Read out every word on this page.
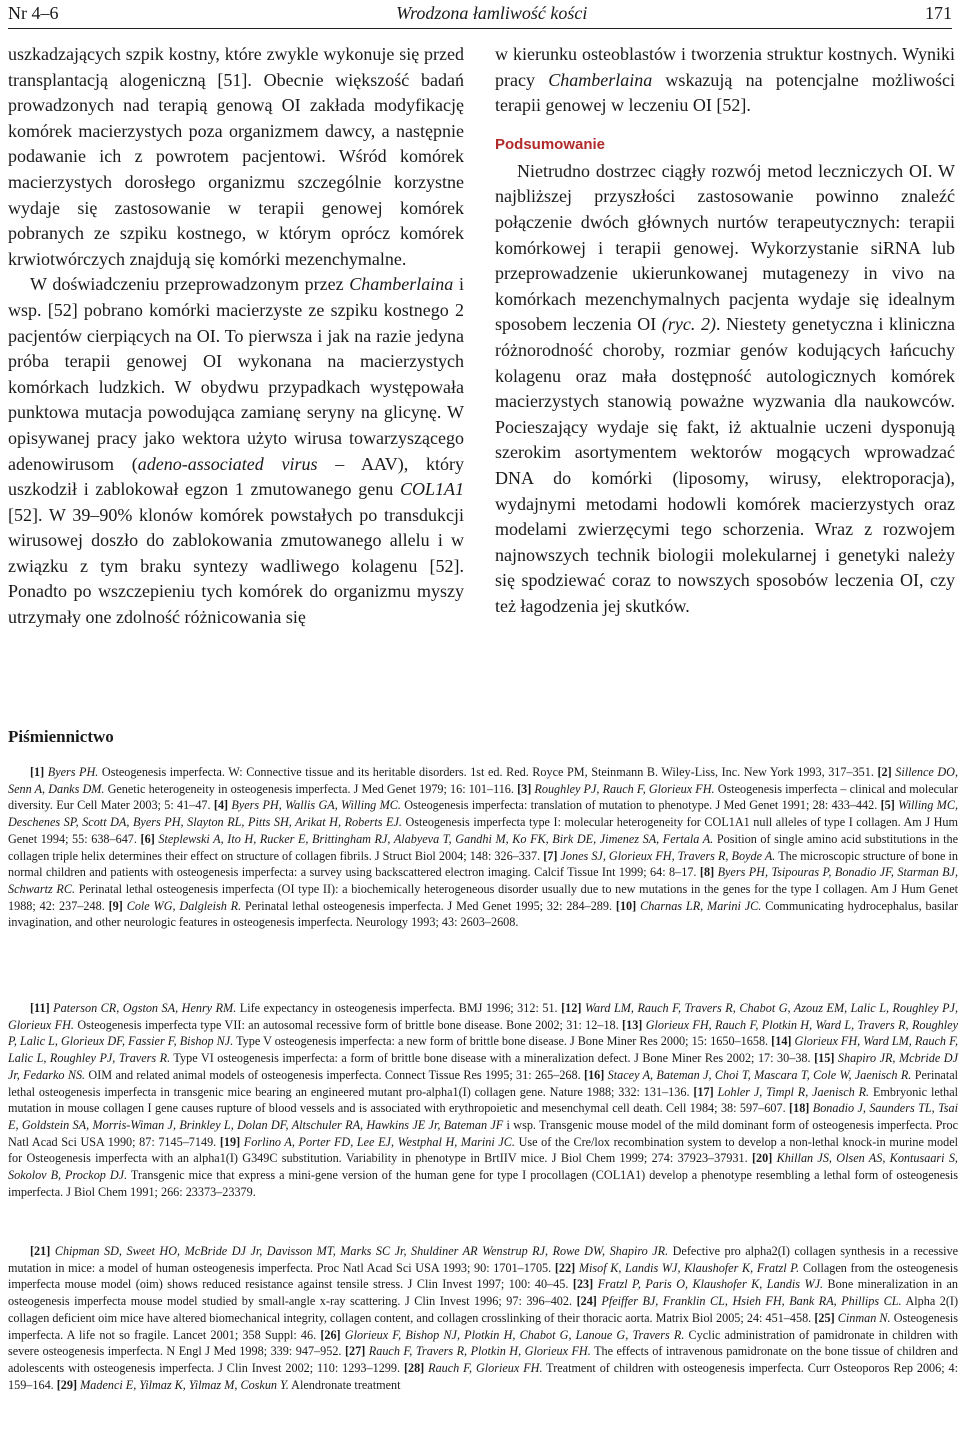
Nr 4–6	Wrodzona łamliwość kości	171

uszkadzających szpik kostny, które zwykle wykonuje się przed transplantacją alogeniczną [51]. Obecnie większość badań prowadzonych nad terapią genową OI zakłada modyfikację komórek macierzystych poza organizmem dawcy, a następnie podawanie ich z powrotem pacjentowi. Wśród komórek macierzystych dorosłego organizmu szczególnie korzystne wydaje się zastosowanie w terapii genowej komórek pobranych ze szpiku kostnego, w którym oprócz komórek krwiotwórczych znajdują się komórki mezenchymalne.

W doświadczeniu przeprowadzonym przez Chamberlaina i wsp. [52] pobrano komórki macierzyste ze szpiku kostnego 2 pacjentów cierpiących na OI. To pierwsza i jak na razie jedyna próba terapii genowej OI wykonana na macierzystych komórkach ludzkich. W obydwu przypadkach występowała punktowa mutacja powodująca zamianę seryny na glicynę. W opisywanej pracy jako wektora użyto wirusa towarzyszącego adenowirusom (adeno-associated virus – AAV), który uszkodził i zablokował egzon 1 zmutowanego genu COL1A1 [52]. W 39–90% klonów komórek powstałych po transdukcji wirusowej doszło do zablokowania zmutowanego allelu i w związku z tym braku syntezy wadliwego kolagenu [52]. Ponadto po wszczepieniu tych komórek do organizmu myszy utrzymały one zdolność różnicowania się

w kierunku osteoblastów i tworzenia struktur kostnych. Wyniki pracy Chamberlaina wskazują na potencjalne możliwości terapii genowej w leczeniu OI [52].

Podsumowanie

Nietrudno dostrzec ciągły rozwój metod leczniczych OI. W najbliższej przyszłości zastosowanie powinno znaleźć połączenie dwóch głównych nurtów terapeutycznych: terapii komórkowej i terapii genowej. Wykorzystanie siRNA lub przeprowadzenie ukierunkowanej mutagenezy in vivo na komórkach mezenchymalnych pacjenta wydaje się idealnym sposobem leczenia OI (ryc. 2). Niestety genetyczna i kliniczna różnorodność choroby, rozmiar genów kodujących łańcuchy kolagenu oraz mała dostępność autologicznych komórek macierzystych stanowią poważne wyzwania dla naukowców. Pocieszający wydaje się fakt, iż aktualnie uczeni dysponują szerokim asortymentem wektorów mogących wprowadzać DNA do komórki (liposomy, wirusy, elektroporacja), wydajnymi metodami hodowli komórek macierzystych oraz modelami zwierzęcymi tego schorzenia. Wraz z rozwojem najnowszych technik biologii molekularnej i genetyki należy się spodziewać coraz to nowszych sposobów leczenia OI, czy też łagodzenia jej skutków.

Piśmiennictwo

[1] Byers PH. Osteogenesis imperfecta. W: Connective tissue and its heritable disorders. 1st ed. Red. Royce PM, Steinmann B. Wiley-Liss, Inc. New York 1993, 317–351. [2] Sillence DO, Senn A, Danks DM. Genetic heterogeneity in osteogenesis imperfecta. J Med Genet 1979; 16: 101–116. [3] Roughley PJ, Rauch F, Glorieux FH. Osteogenesis imperfecta – clinical and molecular diversity. Eur Cell Mater 2003; 5: 41–47. [4] Byers PH, Wallis GA, Willing MC. Osteogenesis imperfecta: translation of mutation to phenotype. J Med Genet 1991; 28: 433–442. [5] Willing MC, Deschenes SP, Scott DA, Byers PH, Slayton RL, Pitts SH, Arikat H, Roberts EJ. Osteogenesis imperfecta type I: molecular heterogeneity for COL1A1 null alleles of type I collagen. Am J Hum Genet 1994; 55: 638–647. [6] Steplewski A, Ito H, Rucker E, Brittingham RJ, Alabyeva T, Gandhi M, Ko FK, Birk DE, Jimenez SA, Fertala A. Position of single amino acid substitutions in the collagen triple helix determines their effect on structure of collagen fibrils. J Struct Biol 2004; 148: 326–337. [7] Jones SJ, Glorieux FH, Travers R, Boyde A. The microscopic structure of bone in normal children and patients with osteogenesis imperfecta: a survey using backscattered electron imaging. Calcif Tissue Int 1999; 64: 8–17. [8] Byers PH, Tsipouras P, Bonadio JF, Starman BJ, Schwartz RC. Perinatal lethal osteogenesis imperfecta (OI type II): a biochemically heterogeneous disorder usually due to new mutations in the genes for the type I collagen. Am J Hum Genet 1988; 42: 237–248. [9] Cole WG, Dalgleish R. Perinatal lethal osteogenesis imperfecta. J Med Genet 1995; 32: 284–289. [10] Charnas LR, Marini JC. Communicating hydrocephalus, basilar invagination, and other neurologic features in osteogenesis imperfecta. Neurology 1993; 43: 2603–2608.

[11] Paterson CR, Ogston SA, Henry RM. Life expectancy in osteogenesis imperfecta. BMJ 1996; 312: 51. [12] Ward LM, Rauch F, Travers R, Chabot G, Azouz EM, Lalic L, Roughley PJ, Glorieux FH. Osteogenesis imperfecta type VII: an autosomal recessive form of brittle bone disease. Bone 2002; 31: 12–18. [13] Glorieux FH, Rauch F, Plotkin H, Ward L, Travers R, Roughley P, Lalic L, Glorieux DF, Fassier F, Bishop NJ. Type V osteogenesis imperfecta: a new form of brittle bone disease. J Bone Miner Res 2000; 15: 1650–1658. [14] Glorieux FH, Ward LM, Rauch F, Lalic L, Roughley PJ, Travers R. Type VI osteogenesis imperfecta: a form of brittle bone disease with a mineralization defect. J Bone Miner Res 2002; 17: 30–38. [15] Shapiro JR, Mcbride DJ Jr, Fedarko NS. OIM and related animal models of osteogenesis imperfecta. Connect Tissue Res 1995; 31: 265–268. [16] Stacey A, Bateman J, Choi T, Mascara T, Cole W, Jaenisch R. Perinatal lethal osteogenesis imperfecta in transgenic mice bearing an engineered mutant pro-alpha1(I) collagen gene. Nature 1988; 332: 131–136. [17] Lohler J, Timpl R, Jaenisch R. Embryonic lethal mutation in mouse collagen I gene causes rupture of blood vessels and is associated with erythropoietic and mesenchymal cell death. Cell 1984; 38: 597–607. [18] Bonadio J, Saunders TL, Tsai E, Goldstein SA, Morris-Wiman J, Brinkley L, Dolan DF, Altschuler RA, Hawkins JE Jr, Bateman JF i wsp. Transgenic mouse model of the mild dominant form of osteogenesis imperfecta. Proc Natl Acad Sci USA 1990; 87: 7145–7149. [19] Forlino A, Porter FD, Lee EJ, Westphal H, Marini JC. Use of the Cre/lox recombination system to develop a non-lethal knock-in murine model for Osteogenesis imperfecta with an alpha1(I) G349C substitution. Variability in phenotype in BrtIIV mice. J Biol Chem 1999; 274: 37923–37931. [20] Khillan JS, Olsen AS, Kontusaari S, Sokolov B, Prockop DJ. Transgenic mice that express a mini-gene version of the human gene for type I procollagen (COL1A1) develop a phenotype resembling a lethal form of osteogenesis imperfecta. J Biol Chem 1991; 266: 23373–23379.

[21] Chipman SD, Sweet HO, McBride DJ Jr, Davisson MT, Marks SC Jr, Shuldiner AR Wenstrup RJ, Rowe DW, Shapiro JR. Defective pro alpha2(I) collagen synthesis in a recessive mutation in mice: a model of human osteogenesis imperfecta. Proc Natl Acad Sci USA 1993; 90: 1701–1705. [22] Misof K, Landis WJ, Klaushofer K, Fratzl P. Collagen from the osteogenesis imperfecta mouse model (oim) shows reduced resistance against tensile stress. J Clin Invest 1997; 100: 40–45. [23] Fratzl P, Paris O, Klaushofer K, Landis WJ. Bone mineralization in an osteogenesis imperfecta mouse model studied by small-angle x-ray scattering. J Clin Invest 1996; 97: 396–402. [24] Pfeiffer BJ, Franklin CL, Hsieh FH, Bank RA, Phillips CL. Alpha 2(I) collagen deficient oim mice have altered biomechanical integrity, collagen content, and collagen crosslinking of their thoracic aorta. Matrix Biol 2005; 24: 451–458. [25] Cinman N. Osteogenesis imperfecta. A life not so fragile. Lancet 2001; 358 Suppl: 46. [26] Glorieux F, Bishop NJ, Plotkin H, Chabot G, Lanoue G, Travers R. Cyclic administration of pamidronate in children with severe osteogenesis imperfecta. N Engl J Med 1998; 339: 947–952. [27] Rauch F, Travers R, Plotkin H, Glorieux FH. The effects of intravenous pamidronate on the bone tissue of children and adolescents with osteogenesis imperfecta. J Clin Invest 2002; 110: 1293–1299. [28] Rauch F, Glorieux FH. Treatment of children with osteogenesis imperfecta. Curr Osteoporos Rep 2006; 4: 159–164. [29] Madenci E, Yilmaz K, Yilmaz M, Coskun Y. Alendronate treatment
